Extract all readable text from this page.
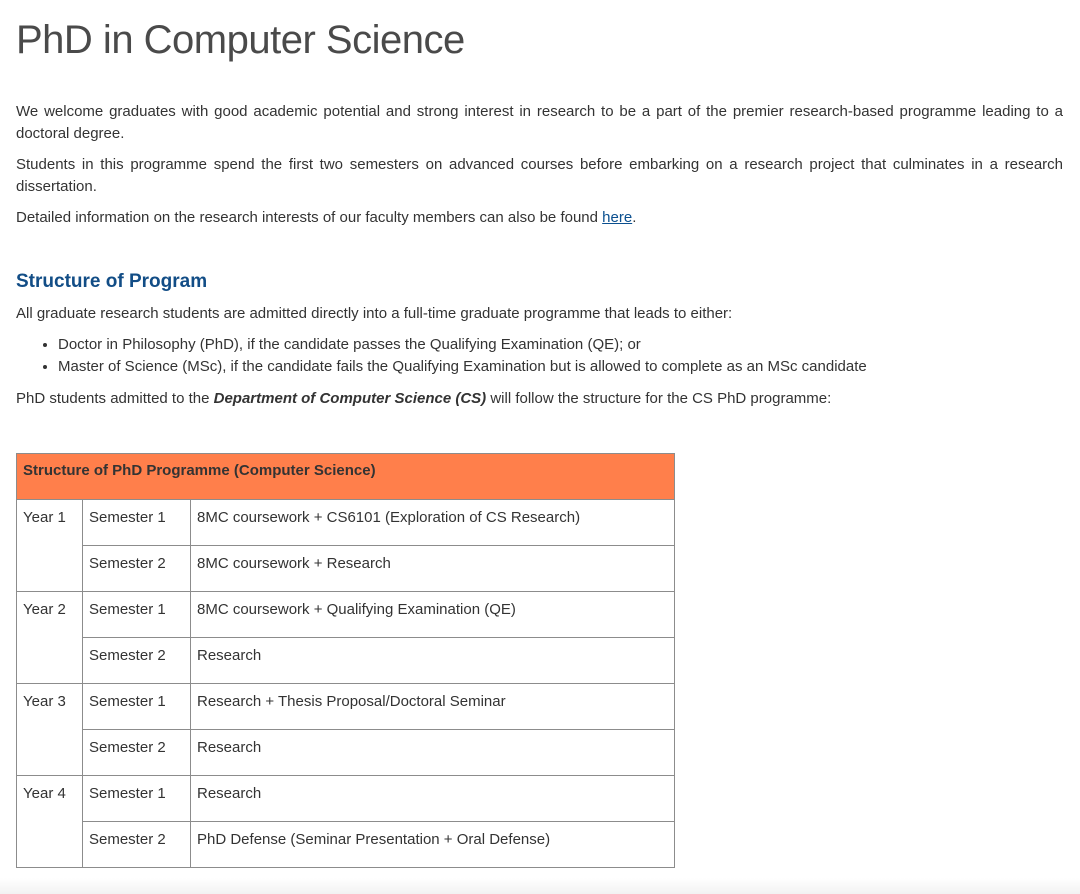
PhD in Computer Science

We welcome graduates with good academic potential and strong interest in research to be a part of the premier research-based programme leading to a doctoral degree.

Students in this programme spend the first two semesters on advanced courses before embarking on a research project that culminates in a research dissertation.

Detailed information on the research interests of our faculty members can also be found here.

Structure of Program

All graduate research students are admitted directly into a full-time graduate programme that leads to either:

• Doctor in Philosophy (PhD), if the candidate passes the Qualifying Examination (QE); or
• Master of Science (MSc), if the candidate fails the Qualifying Examination but is allowed to complete as an MSc candidate

PhD students admitted to the Department of Computer Science (CS) will follow the structure for the CS PhD programme:

Structure of PhD Programme (Computer Science)		
Year 1	Semester 1	8MC coursework + CS6101 (Exploration of CS Research)
	Semester 2	8MC coursework + Research
Year 2	Semester 1	8MC coursework + Qualifying Examination (QE)
	Semester 2	Research
Year 3	Semester 1	Research + Thesis Proposal/Doctoral Seminar
	Semester 2	Research
Year 4	Semester 1	Research
	Semester 2	PhD Defense (Seminar Presentation + Oral Defense)
